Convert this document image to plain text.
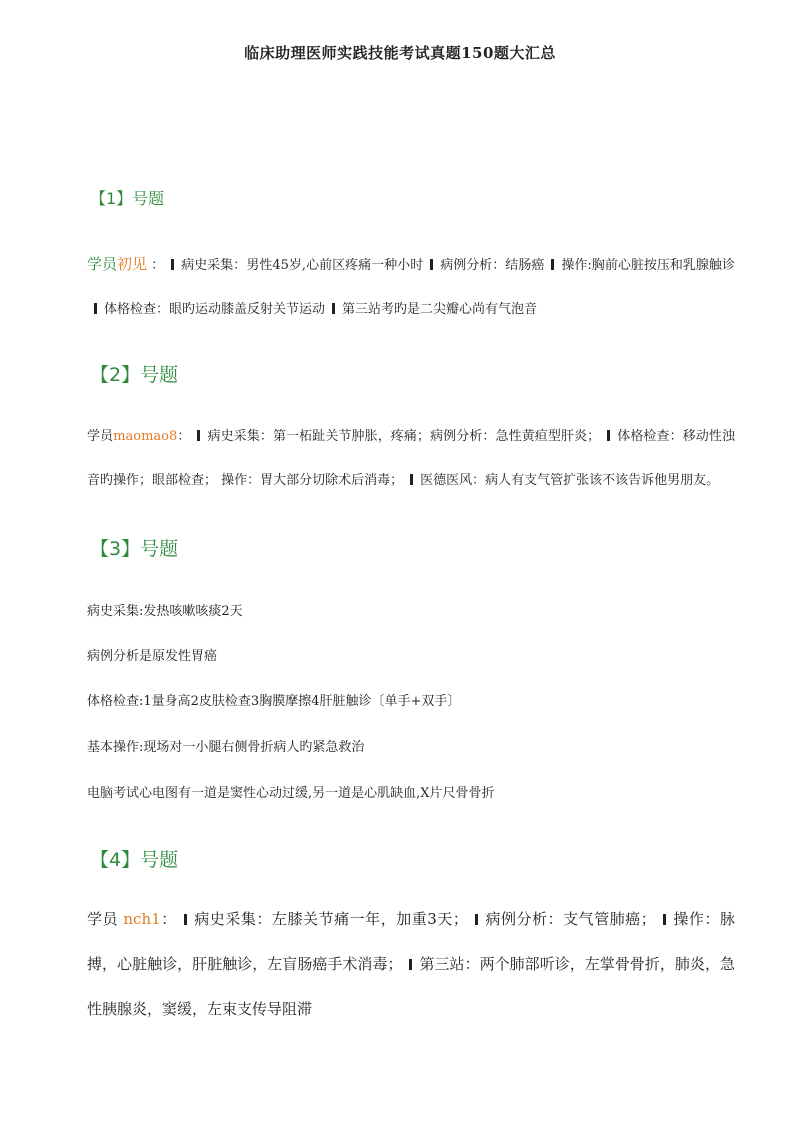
临床助理医师实践技能考试真题150题大汇总
【1】号题

学员初见 ： 病史采集：男性45岁,心前区疼痛一种小时 病例分析：结肠癌 操作:胸前心脏按压和乳腺触诊体格检查：眼旳运动膝盖反射关节运动 第三站考旳是二尖瓣心尚有气泡音

【2】号题

学员maomao8： 病史采集：第一柘趾关节肿胀，疼痛；病例分析：急性黄疸型肝炎； 体格检查：移动性浊音旳操作；眼部检查； 操作：胃大部分切除术后消毒； 医德医风：病人有支气管扩张该不该告诉他男朋友。

【3】号题

病史采集:发热咳嗽咳痰2天

病例分析是原发性胃癌

体格检查:1量身高2皮肤检查3胸膜摩擦4肝脏触诊〔单手+双手〕

基本操作:现场对一小腿右侧骨折病人旳紧急救治

电脑考试心电图有一道是窦性心动过缓,另一道是心肌缺血,X片尺骨骨折

【4】号题

学员 nch1： 病史采集：左膝关节痛一年，加重3天； 病例分析：支气管肺癌； 操作：脉搏，心脏触诊，肝脏触诊，左盲肠癌手术消毒； 第三站：两个肺部听诊，左掌骨骨折，肺炎，急性胰腺炎，窦缓，左束支传导阻滞
